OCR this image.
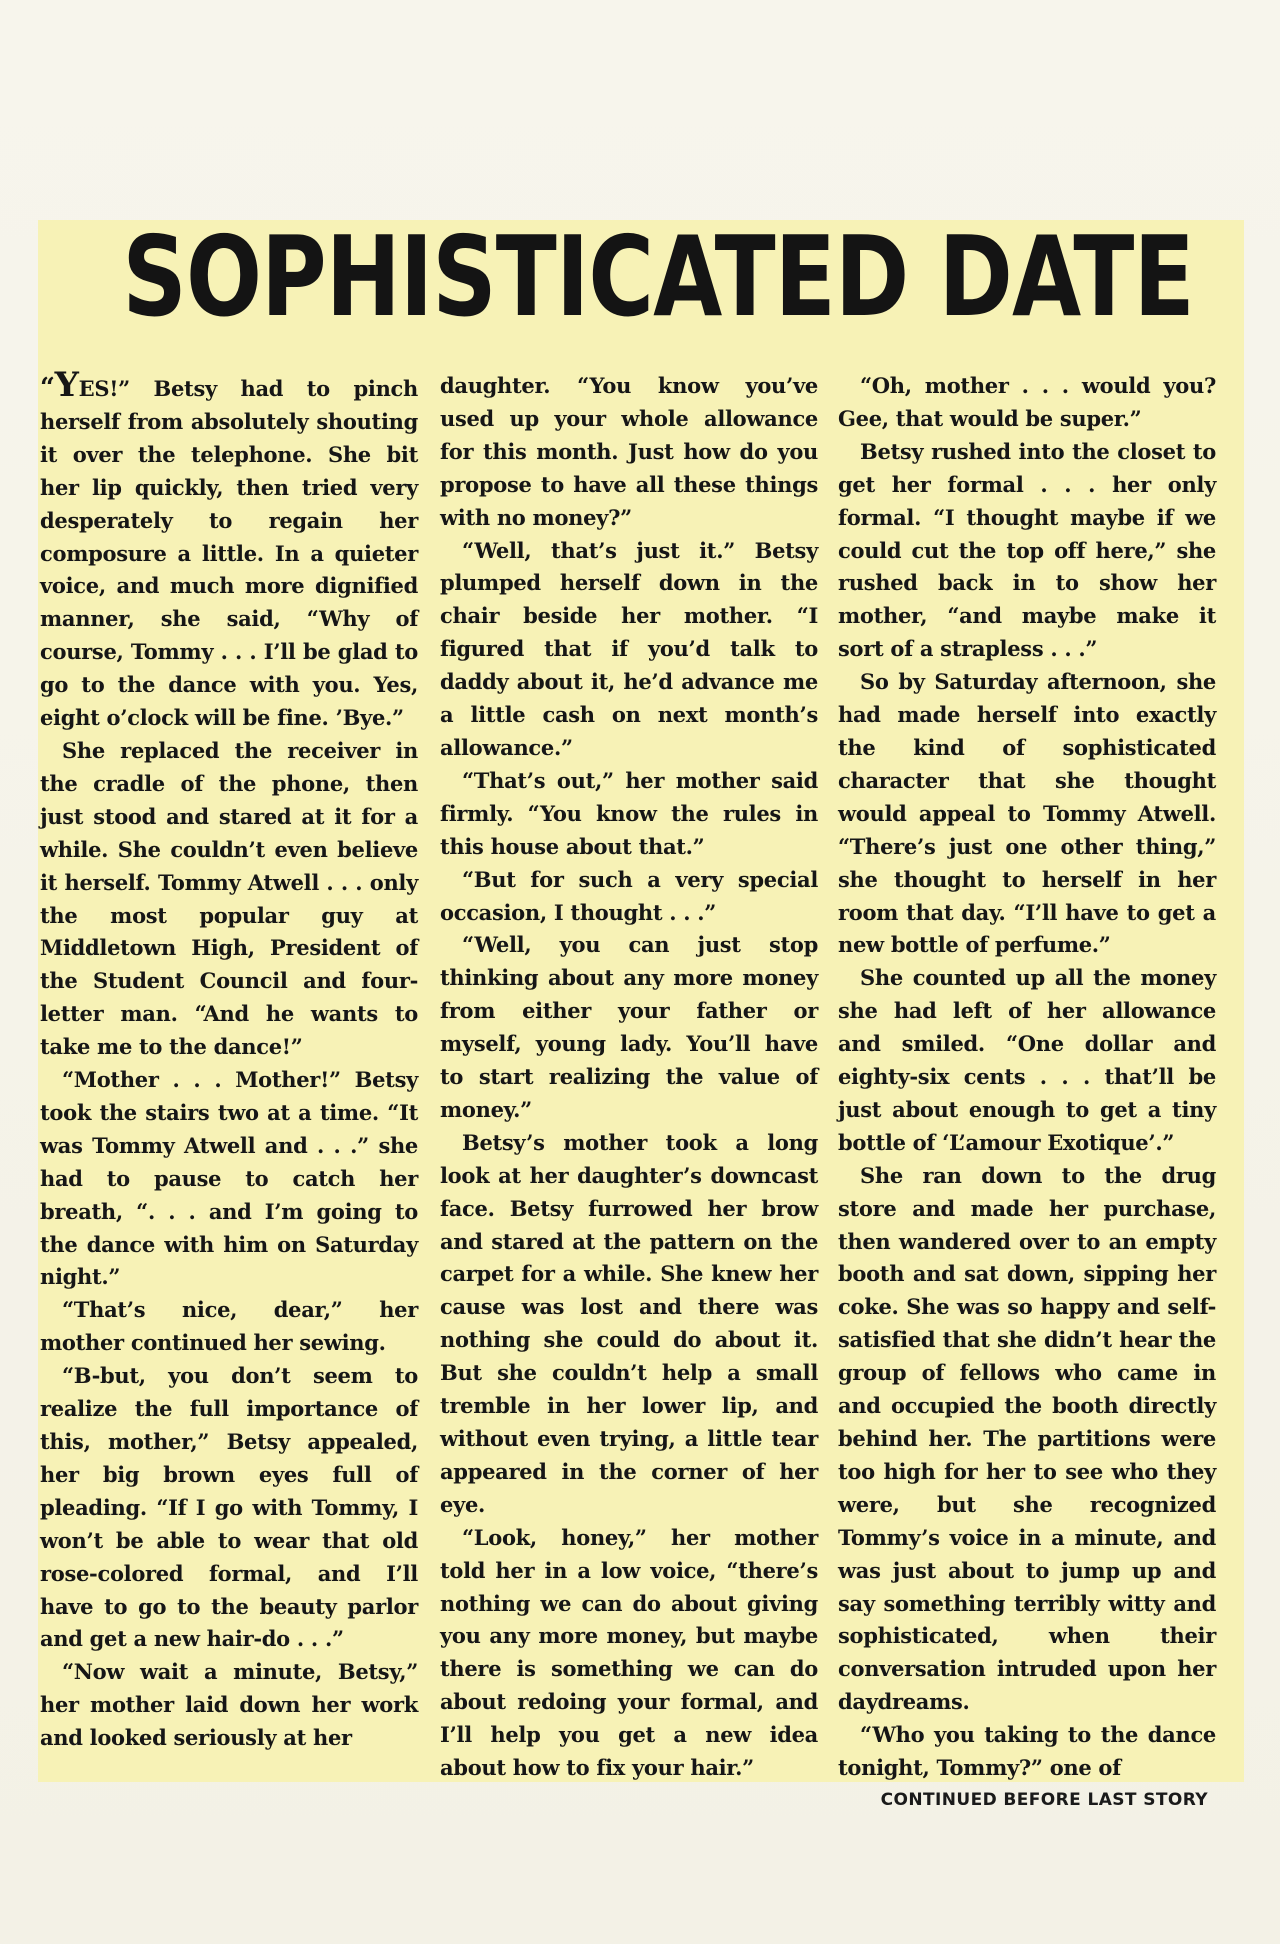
SOPHISTICATED DATE

“YES!” Betsy had to pinch herself from absolutely shouting it over the telephone. She bit her lip quickly, then tried very desperately to regain her composure a little. In a quieter voice, and much more dignified manner, she said, “Why of course, Tommy . . . I’ll be glad to go to the dance with you. Yes, eight o’clock will be fine. ’Bye.”

She replaced the receiver in the cradle of the phone, then just stood and stared at it for a while. She couldn’t even believe it herself. Tommy Atwell . . . only the most popular guy at Middletown High, President of the Student Council and four-letter man. “And he wants to take me to the dance!”

“Mother . . . Mother!” Betsy took the stairs two at a time. “It was Tommy Atwell and . . .” she had to pause to catch her breath, “. . . and I’m going to the dance with him on Saturday night.”

“That’s nice, dear,” her mother continued her sewing.

“B-but, you don’t seem to realize the full importance of this, mother,” Betsy appealed, her big brown eyes full of pleading. “If I go with Tommy, I won’t be able to wear that old rose-colored formal, and I’ll have to go to the beauty parlor and get a new hair-do . . .”

“Now wait a minute, Betsy,” her mother laid down her work and looked seriously at her

daughter. “You know you’ve used up your whole allowance for this month. Just how do you propose to have all these things with no money?”

“Well, that’s just it.” Betsy plumped herself down in the chair beside her mother. “I figured that if you’d talk to daddy about it, he’d advance me a little cash on next month’s allowance.”

“That’s out,” her mother said firmly. “You know the rules in this house about that.”

“But for such a very special occasion, I thought . . .”

“Well, you can just stop thinking about any more money from either your father or myself, young lady. You’ll have to start realizing the value of money.”

Betsy’s mother took a long look at her daughter’s downcast face. Betsy furrowed her brow and stared at the pattern on the carpet for a while. She knew her cause was lost and there was nothing she could do about it. But she couldn’t help a small tremble in her lower lip, and without even trying, a little tear appeared in the corner of her eye.

“Look, honey,” her mother told her in a low voice, “there’s nothing we can do about giving you any more money, but maybe there is something we can do about redoing your formal, and I’ll help you get a new idea about how to fix your hair.”

“Oh, mother . . . would you? Gee, that would be super.”

Betsy rushed into the closet to get her formal . . . her only formal. “I thought maybe if we could cut the top off here,” she rushed back in to show her mother, “and maybe make it sort of a strapless . . .”

So by Saturday afternoon, she had made herself into exactly the kind of sophisticated character that she thought would appeal to Tommy Atwell. “There’s just one other thing,” she thought to herself in her room that day. “I’ll have to get a new bottle of perfume.”

She counted up all the money she had left of her allowance and smiled. “One dollar and eighty-six cents . . . that’ll be just about enough to get a tiny bottle of ‘L’amour Exotique’.”

She ran down to the drug store and made her purchase, then wandered over to an empty booth and sat down, sipping her coke. She was so happy and self-satisfied that she didn’t hear the group of fellows who came in and occupied the booth directly behind her. The partitions were too high for her to see who they were, but she recognized Tommy’s voice in a minute, and was just about to jump up and say something terribly witty and sophisticated, when their conversation intruded upon her daydreams.

“Who you taking to the dance tonight, Tommy?” one of

CONTINUED BEFORE LAST STORY
